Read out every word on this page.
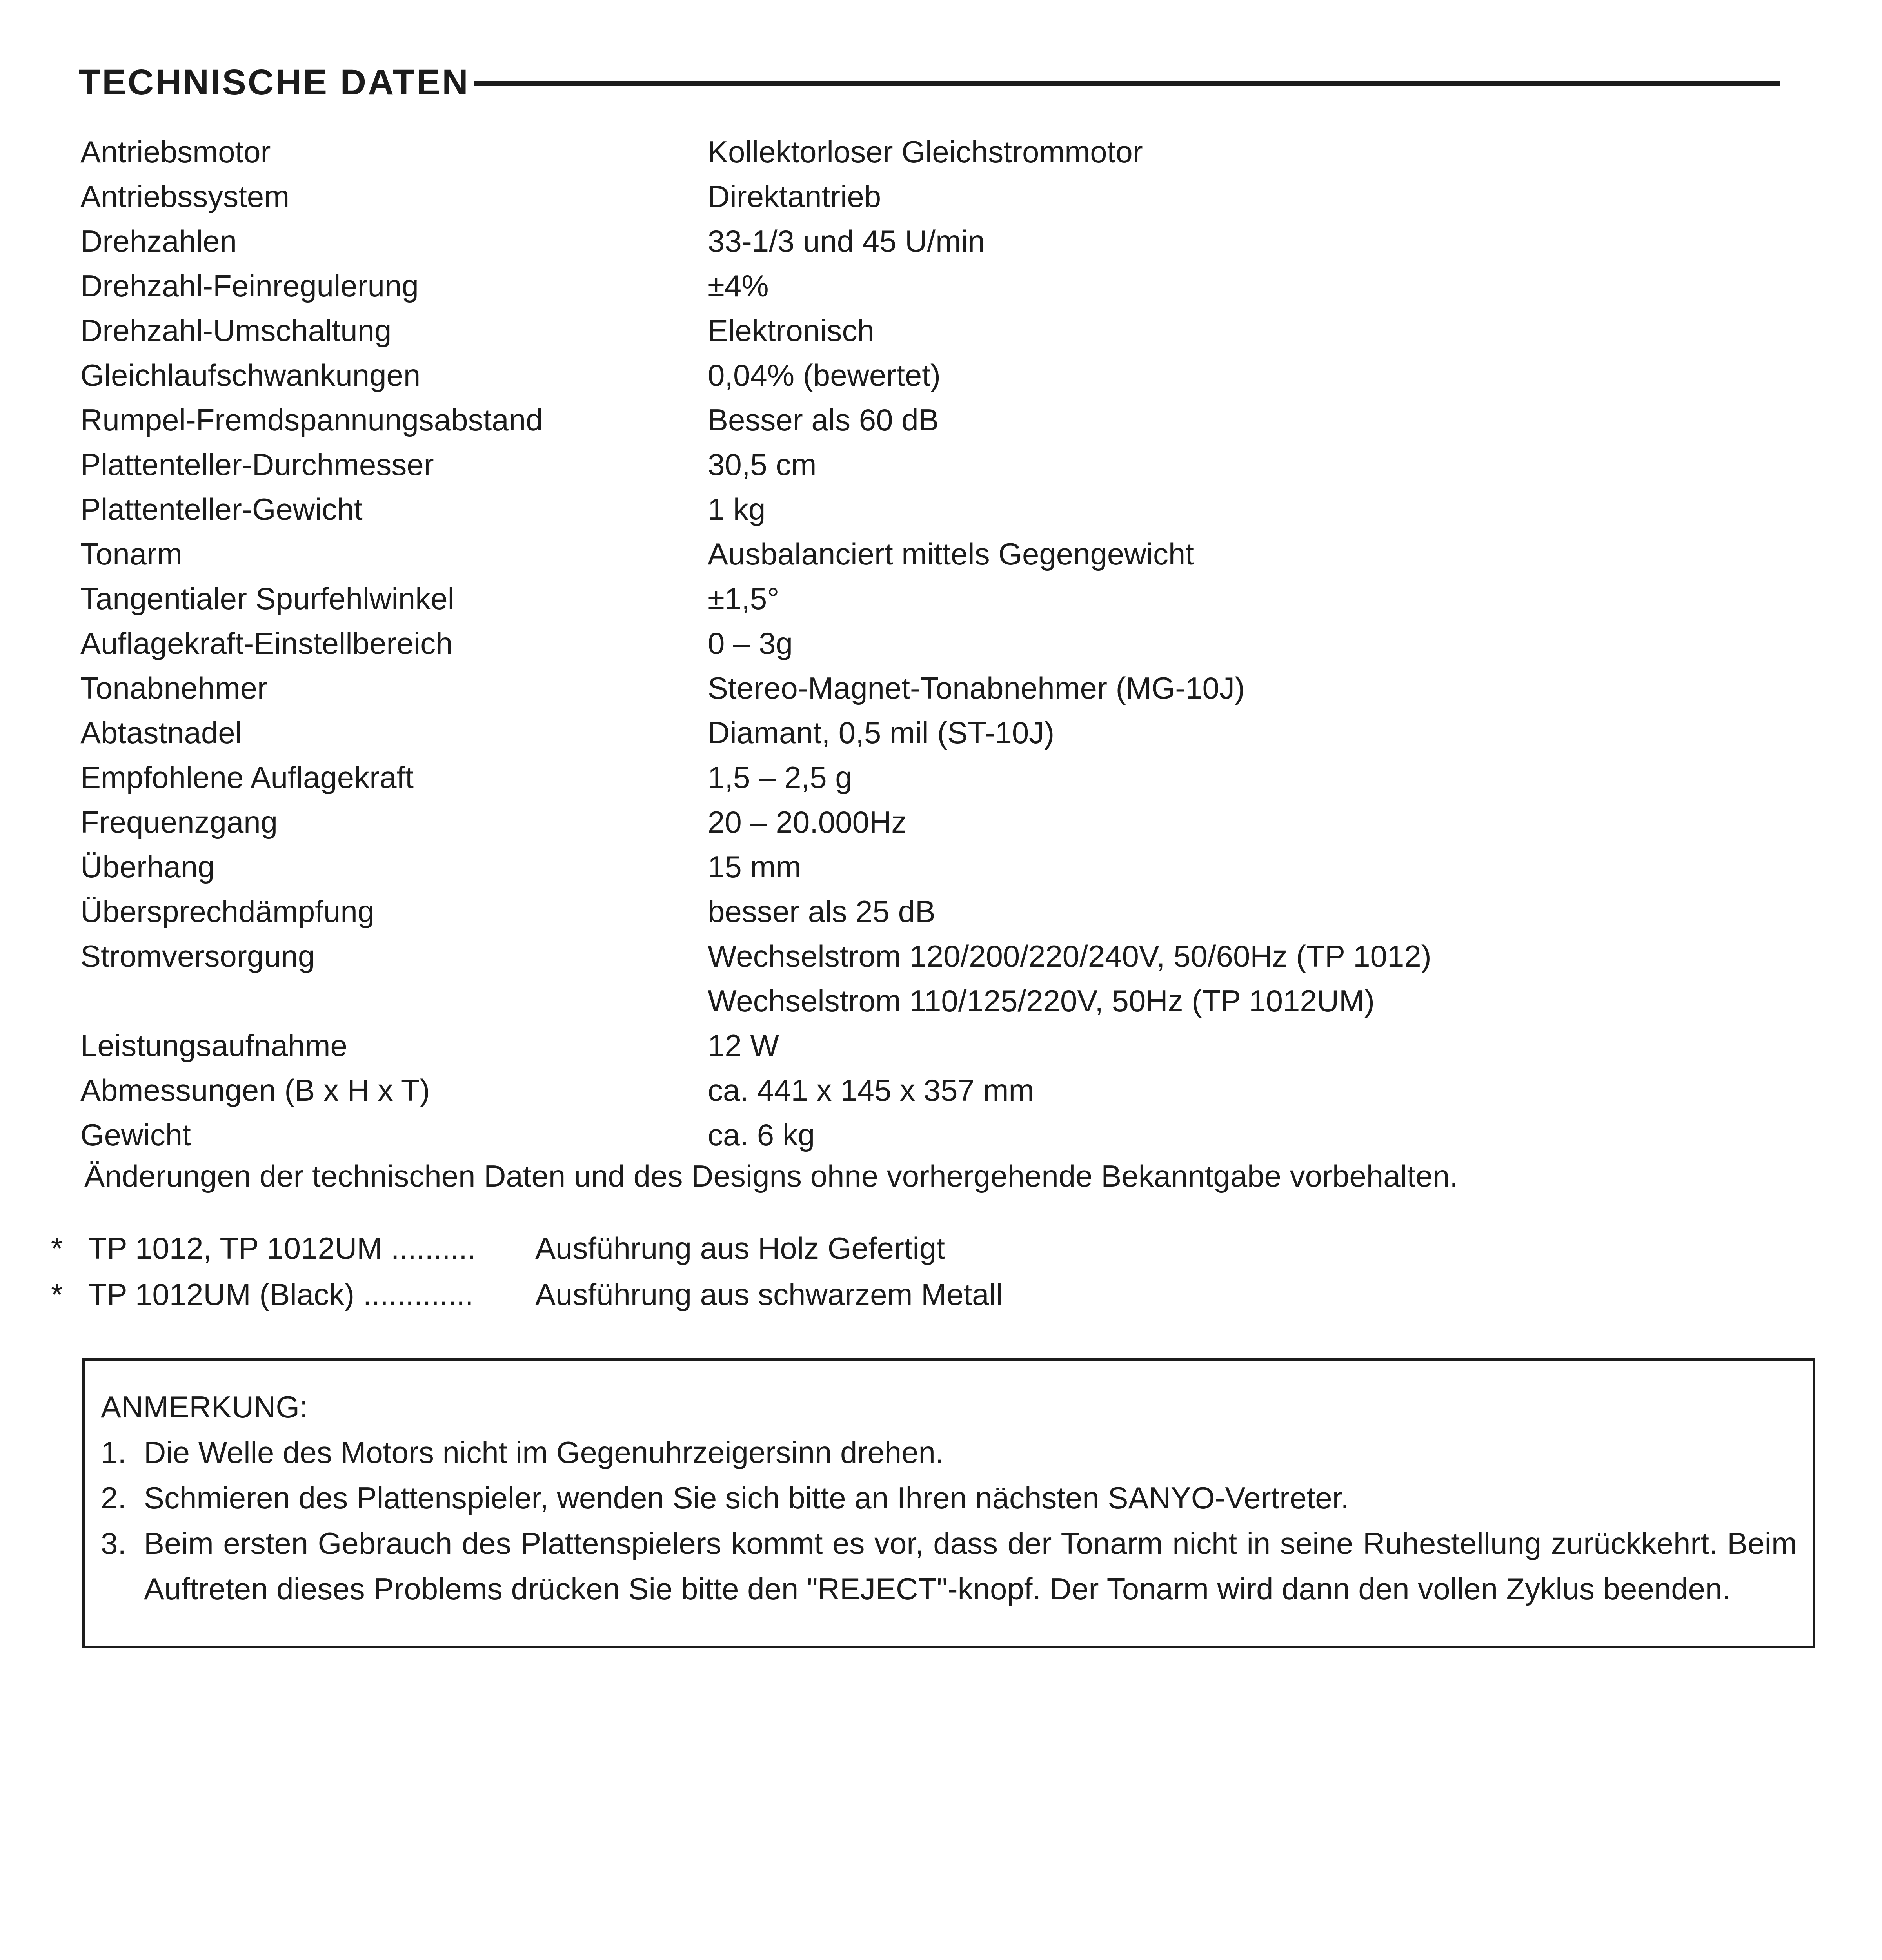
TECHNISCHE DATEN
Antriebsmotor	Kollektorloser Gleichstrommotor
Antriebssystem	Direktantrieb
Drehzahlen	33-1/3 und 45 U/min
Drehzahl-Feinregulerung	±4%
Drehzahl-Umschaltung	Elektronisch
Gleichlaufschwankungen	0,04% (bewertet)
Rumpel-Fremdspannungsabstand	Besser als 60 dB
Plattenteller-Durchmesser	30,5 cm
Plattenteller-Gewicht	1 kg
Tonarm	Ausbalanciert mittels Gegengewicht
Tangentialer Spurfehlwinkel	±1,5°
Auflagekraft-Einstellbereich	0 – 3g
Tonabnehmer	Stereo-Magnet-Tonabnehmer (MG-10J)
Abtastnadel	Diamant, 0,5 mil (ST-10J)
Empfohlene Auflagekraft	1,5 – 2,5 g
Frequenzgang	20 – 20.000Hz
Überhang	15 mm
Übersprechdämpfung	besser als 25 dB
Stromversorgung	Wechselstrom 120/200/220/240V, 50/60Hz (TP 1012)
Wechselstrom 110/125/220V, 50Hz (TP 1012UM)
Leistungsaufnahme	12 W
Abmessungen (B x H x T)	ca. 441 x 145 x 357 mm
Gewicht	ca. 6 kg
Änderungen der technischen Daten und des Designs ohne vorhergehende Bekanntgabe vorbehalten.
* TP 1012, TP 1012UM ..........	Ausführung aus Holz Gefertigt
* TP 1012UM (Black) .............	Ausführung aus schwarzem Metall
ANMERKUNG:
1. Die Welle des Motors nicht im Gegenuhrzeigersinn drehen.
2. Schmieren des Plattenspieler, wenden Sie sich bitte an Ihren nächsten SANYO-Vertreter.
3. Beim ersten Gebrauch des Plattenspielers kommt es vor, dass der Tonarm nicht in seine Ruhestellung zurückkehrt. Beim Auftreten dieses Problems drücken Sie bitte den "REJECT"-knopf. Der Tonarm wird dann den vollen Zyklus beenden.
